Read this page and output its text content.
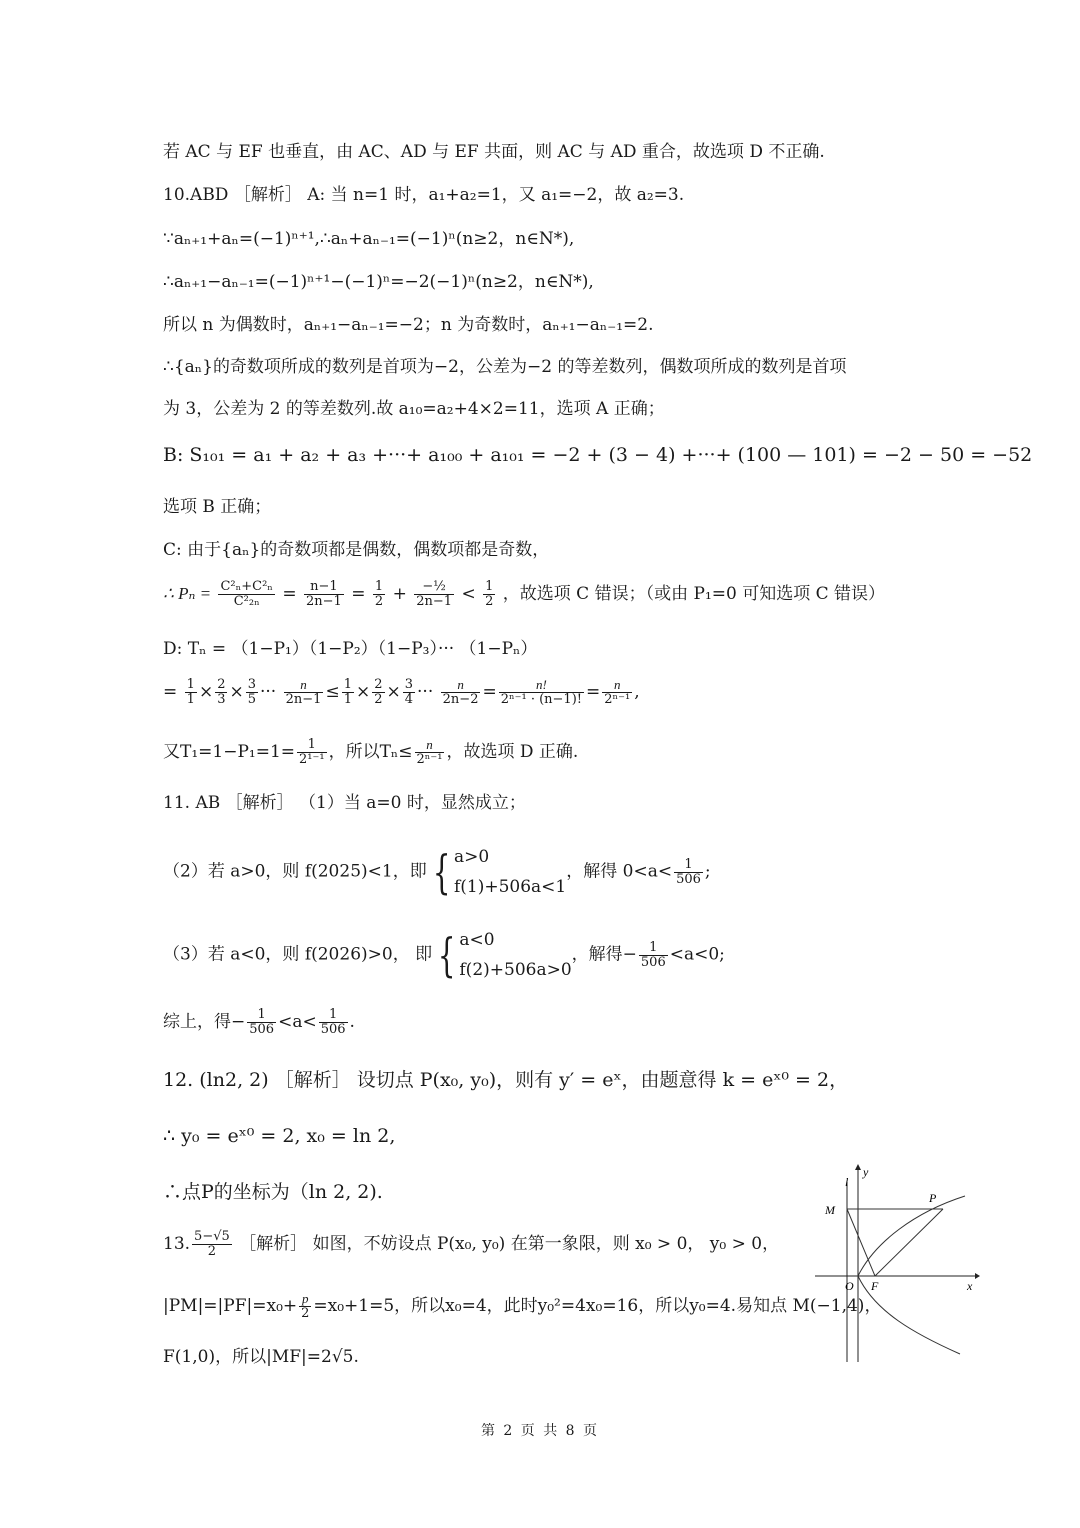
若 AC 与 EF 也垂直，由 AC、AD 与 EF 共面，则 AC 与 AD 重合，故选项 D 不正确.
10.ABD ［解析］ A: 当 n=1 时，a₁+a₂=1，又 a₁=−2，故 a₂=3.
∵aₙ₊₁+aₙ=(−1)ⁿ⁺¹,∴aₙ+aₙ₋₁=(−1)ⁿ(n≥2，n∈N*),
∴aₙ₊₁−aₙ₋₁=(−1)ⁿ⁺¹−(−1)ⁿ=−2(−1)ⁿ(n≥2，n∈N*),
所以 n 为偶数时，aₙ₊₁−aₙ₋₁=−2；n 为奇数时，aₙ₊₁−aₙ₋₁=2.
∴{aₙ}的奇数项所成的数列是首项为−2，公差为−2 的等差数列，偶数项所成的数列是首项
为 3，公差为 2 的等差数列.故 a₁₀=a₂+4×2=11，选项 A 正确；
B: S₁₀₁ = a₁ + a₂ + a₃ +···+ a₁₀₀ + a₁₀₁ = −2 + (3 − 4) +···+ (100 — 101) = −2 − 50 = −52
选项 B 正确；
C: 由于{aₙ}的奇数项都是偶数，偶数项都是奇数，
∴ $P_n = \frac{\text{C²ₙ+C²ₙ}}{\text{C²₂ₙ}} = \frac{n-1}{2n-1} = \frac{1}{2} + \frac{\text{−½}}{2n-1} < \frac{1}{2}$ ，故选项 C 错误；（或由 P₁=0 可知选项 C 错误）
D: Tₙ = （1−P₁）（1−P₂）（1−P₃）··· （1−Pₙ）
= $\frac{1}{1} \times \frac{2}{3} \times \frac{3}{5}$ ··· $\frac{n}{2n-1} \le \frac{1}{1} \times \frac{2}{2} \times \frac{3}{4}$ ··· $\frac{n}{2n-2} = \frac{n!}{\text{2ⁿ⁻¹ · (n−1)!}} = \frac{n}{\text{2ⁿ⁻¹}}$ ,
又$T_1=1-P_1=1= \frac{1}{\text{2¹⁻¹}}$ ，所以$T_n\le \frac{n}{\text{2ⁿ⁻¹}}$ ，故选项 D 正确.
11. AB ［解析］ （1）当 a=0 时，显然成立；
（2）若 a>0，则 f(2025)<1，即 { a>0
f(1)+506a<1
，解得 $0<a< \frac{1}{506}$ ;
（3）若 a<0，则 f(2026)>0， 即 { a<0
f(2)+506a>0
，解得− $\frac{1}{506} <a<0$;
综上，得− $\frac{1}{506} <a< \frac{1}{506}$ .
12. (ln2, 2) ［解析］ 设切点 P(x₀, y₀)，则有 y′ = eˣ，由题意得 k = eˣ⁰ = 2，
∴ y₀ = eˣ⁰ = 2, x₀ = ln 2,
∴点P的坐标为（ln 2, 2).
13. $\frac{5-√5}{2}$ ［解析］ 如图，不妨设点 P(x₀, y₀) 在第一象限，则 x₀ > 0， y₀ > 0，
$|PM|=|PF|=x_0+ \frac{p}{2} =x_0+1=5$，所以x₀=4，此时y₀²=4x₀=16，所以y₀=4.易知点 M(−1,4)，
F(1,0)，所以|MF|=2√5.
y
x
l
M
P
O F
第 2 页 共 8 页
